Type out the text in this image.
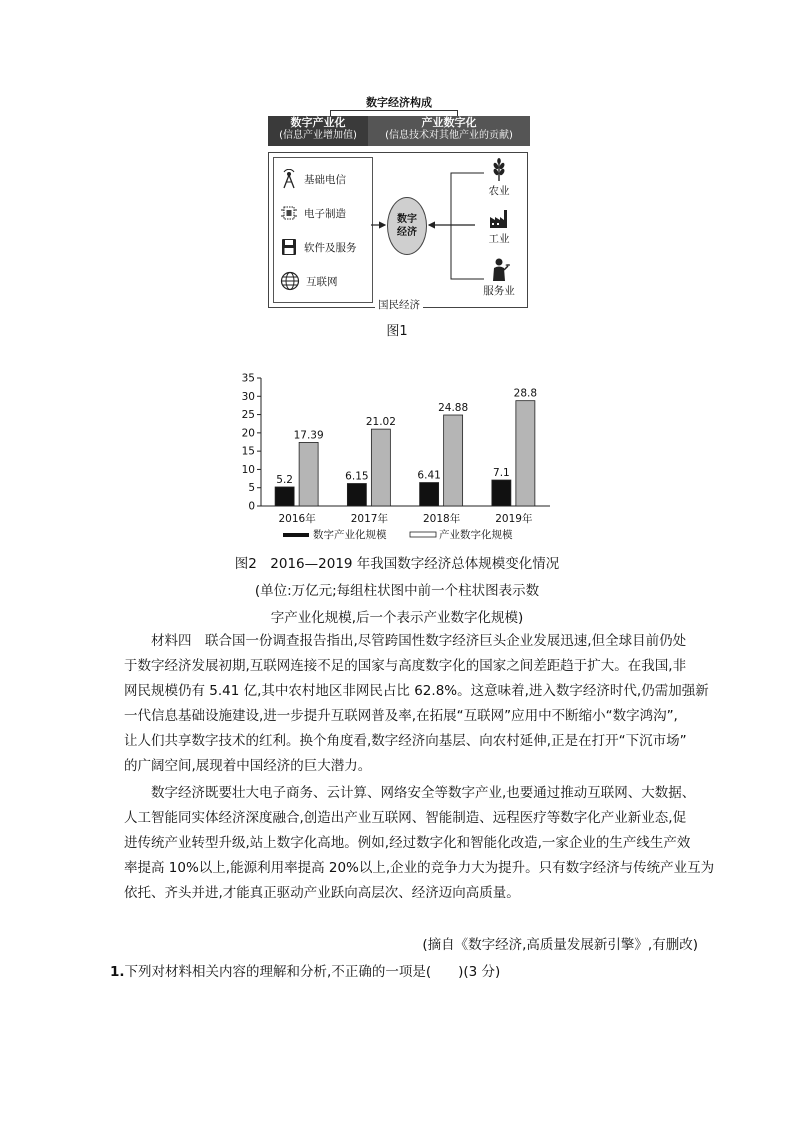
数字经济构成
数字产业化
(信息产业增加值)
产业数字化
(信息技术对其他产业的贡献)
基础电信
电子制造
软件及服务
互联网
数字经济
农业
工业
服务业
国民经济
图1
0
5
10
15
20
25
30
35
5.2
17.39
2016年
6.15
21.02
2017年
6.41
24.88
2018年
7.1
28.8
2019年
数字产业化规模	产业数字化规模
图2　2016—2019 年我国数字经济总体规模变化情况
(单位:万亿元;每组柱状图中前一个柱状图表示数
字产业化规模,后一个表示产业数字化规模)
材料四　联合国一份调查报告指出,尽管跨国性数字经济巨头企业发展迅速,但全球目前仍处
于数字经济发展初期,互联网连接不足的国家与高度数字化的国家之间差距趋于扩大。在我国,非
网民规模仍有 5.41 亿,其中农村地区非网民占比 62.8%。这意味着,进入数字经济时代,仍需加强新
一代信息基础设施建设,进一步提升互联网普及率,在拓展“互联网”应用中不断缩小“数字鸿沟”,
让人们共享数字技术的红利。换个角度看,数字经济向基层、向农村延伸,正是在打开“下沉市场”
的广阔空间,展现着中国经济的巨大潜力。
数字经济既要壮大电子商务、云计算、网络安全等数字产业,也要通过推动互联网、大数据、
人工智能同实体经济深度融合,创造出产业互联网、智能制造、远程医疗等数字化产业新业态,促
进传统产业转型升级,站上数字化高地。例如,经过数字化和智能化改造,一家企业的生产线生产效
率提高 10%以上,能源利用率提高 20%以上,企业的竞争力大为提升。只有数字经济与传统产业互为
依托、齐头并进,才能真正驱动产业跃向高层次、经济迈向高质量。
(摘自《数字经济,高质量发展新引擎》,有删改)
1.下列对材料相关内容的理解和分析,不正确的一项是(　　)(3 分)
